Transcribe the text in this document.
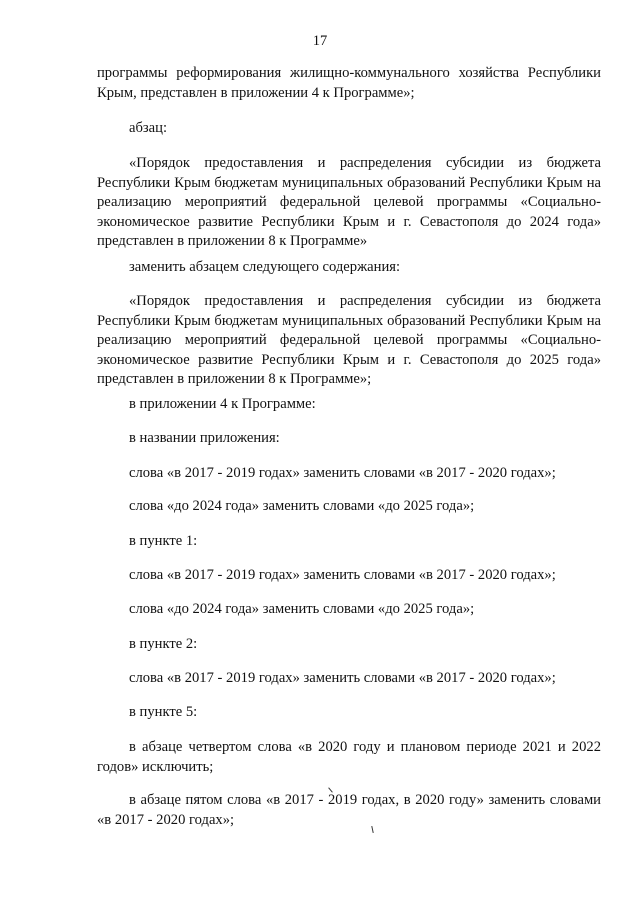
17

программы реформирования жилищно-коммунального хозяйства Республики Крым, представлен в приложении 4 к Программе»;

абзац:

«Порядок предоставления и распределения субсидии из бюджета Республики Крым бюджетам муниципальных образований Республики Крым на реализацию мероприятий федеральной целевой программы «Социально-экономическое развитие Республики Крым и г. Севастополя до 2024 года» представлен в приложении 8 к Программе»

заменить абзацем следующего содержания:

«Порядок предоставления и распределения субсидии из бюджета Республики Крым бюджетам муниципальных образований Республики Крым на реализацию мероприятий федеральной целевой программы «Социально-экономическое развитие Республики Крым и г. Севастополя до 2025 года» представлен в приложении 8 к Программе»;

в приложении 4 к Программе:

в названии приложения:

слова «в 2017 - 2019 годах» заменить словами «в 2017 - 2020 годах»;

слова «до 2024 года» заменить словами «до 2025 года»;

в пункте 1:

слова «в 2017 - 2019 годах» заменить словами «в 2017 - 2020 годах»;

слова «до 2024 года» заменить словами «до 2025 года»;

в пункте 2:

слова «в 2017 - 2019 годах» заменить словами «в 2017 - 2020 годах»;

в пункте 5:

в абзаце четвертом слова «в 2020 году и плановом периоде 2021 и 2022 годов» исключить;

в абзаце пятом слова «в 2017 - 2019 годах, в 2020 году» заменить словами «в 2017 - 2020 годах»;
